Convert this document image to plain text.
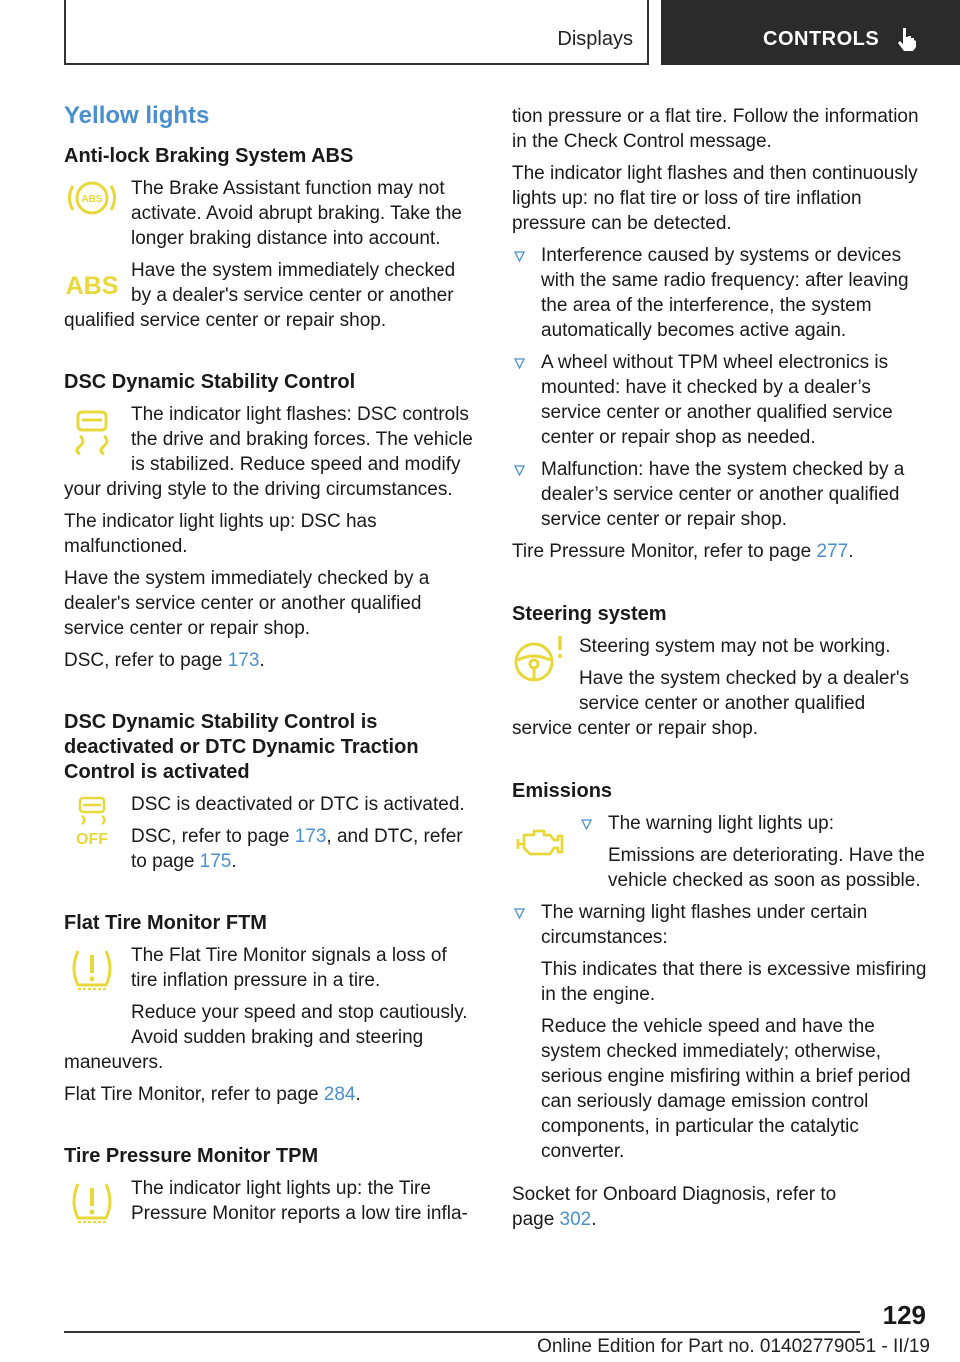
Displays	CONTROLS
Yellow lights
Anti-lock Braking System ABS
ABS

The Brake Assistant function may not activate. Avoid abrupt braking. Take the longer braking distance into account.

ABS

Have the system immediately checked by a dealer's service center or another qualified service center or repair shop.

DSC Dynamic Stability Control

The indicator light flashes: DSC controls the drive and braking forces. The vehicle is stabilized. Reduce speed and modify your driving style to the driving circumstances.

The indicator light lights up: DSC has malfunctioned.

Have the system immediately checked by a dealer's service center or another qualified service center or repair shop.

DSC, refer to page 173.

DSC Dynamic Stability Control is deactivated or DTC Dynamic Traction Control is activated
OFF

DSC is deactivated or DTC is activated.

DSC, refer to page 173, and DTC, refer to page 175.

Flat Tire Monitor FTM

The Flat Tire Monitor signals a loss of tire inflation pressure in a tire.

Reduce your speed and stop cautiously. Avoid sudden braking and steering maneuvers.

Flat Tire Monitor, refer to page 284.

Tire Pressure Monitor TPM

The indicator light lights up: the Tire Pressure Monitor reports a low tire infla-

tion pressure or a flat tire. Follow the information in the Check Control message.

The indicator light flashes and then continuously lights up: no flat tire or loss of tire inflation pressure can be detected.

Interference caused by systems or devices with the same radio frequency: after leaving the area of the interference, the system automatically becomes active again.
A wheel without TPM wheel electronics is mounted: have it checked by a dealer’s service center or another qualified service center or repair shop as needed.
Malfunction: have the system checked by a dealer’s service center or another qualified service center or repair shop.

Tire Pressure Monitor, refer to page 277.

Steering system

Steering system may not be working.

Have the system checked by a dealer's service center or another qualified service center or repair shop.

Emissions

The warning light lights up:

Emissions are deteriorating. Have the vehicle checked as soon as possible.

The warning light flashes under certain circumstances:

This indicates that there is excessive misfiring in the engine.

Reduce the vehicle speed and have the system checked immediately; otherwise, serious engine misfiring within a brief period can seriously damage emission control components, in particular the catalytic converter.

Socket for Onboard Diagnosis, refer to page 302.

129
Online Edition for Part no. 01402779051 - II/19
